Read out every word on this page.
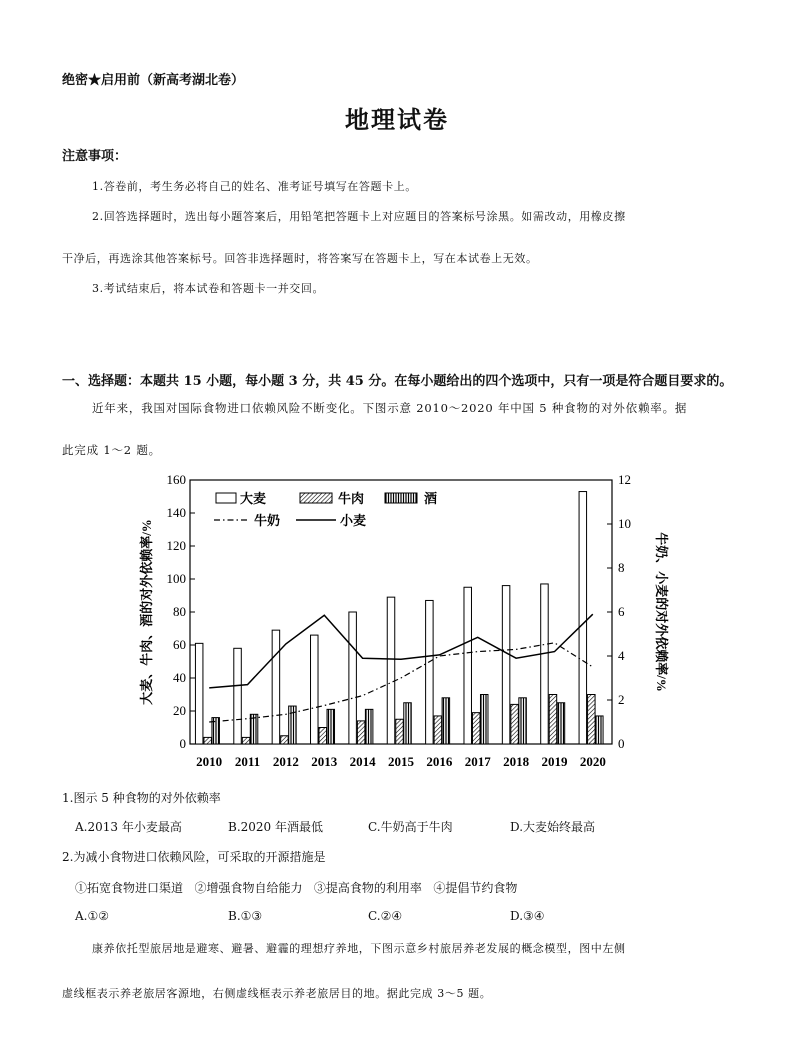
绝密★启用前（新高考湖北卷）
地理试卷
注意事项：
1.答卷前，考生务必将自己的姓名、准考证号填写在答题卡上。
2.回答选择题时，选出每小题答案后，用铅笔把答题卡上对应题目的答案标号涂黑。如需改动，用橡皮擦
干净后，再选涂其他答案标号。回答非选择题时，将答案写在答题卡上，写在本试卷上无效。
3.考试结束后，将本试卷和答题卡一并交回。
一、选择题：本题共 15 小题，每小题 3 分，共 45 分。在每小题给出的四个选项中，只有一项是符合题目要求的。
近年来，我国对国际食物进口依赖风险不断变化。下图示意 2010～2020 年中国 5 种食物的对外依赖率。据
此完成 1～2 题。
0
20
40
60
80
100
120
140
160
0
2
4
6
8
10
12
2010 2011 2012 2013 2014 2015 2016 2017 2018 2019 2020
大麦	牛肉	酒
牛奶	小麦
大麦、牛肉、酒的对外依赖率/%	牛奶、小麦的对外依赖率/%
1.图示 5 种食物的对外依赖率
A.2013 年小麦最高	B.2020 年酒最低	C.牛奶高于牛肉	D.大麦始终最高
2.为减小食物进口依赖风险，可采取的开源措施是
①拓宽食物进口渠道   ②增强食物自给能力   ③提高食物的利用率   ④提倡节约食物
A.①②	B.①③	C.②④	D.③④
康养依托型旅居地是避寒、避暑、避霾的理想疗养地，下图示意乡村旅居养老发展的概念模型，图中左侧
虚线框表示养老旅居客源地，右侧虚线框表示养老旅居目的地。据此完成 3～5 题。
